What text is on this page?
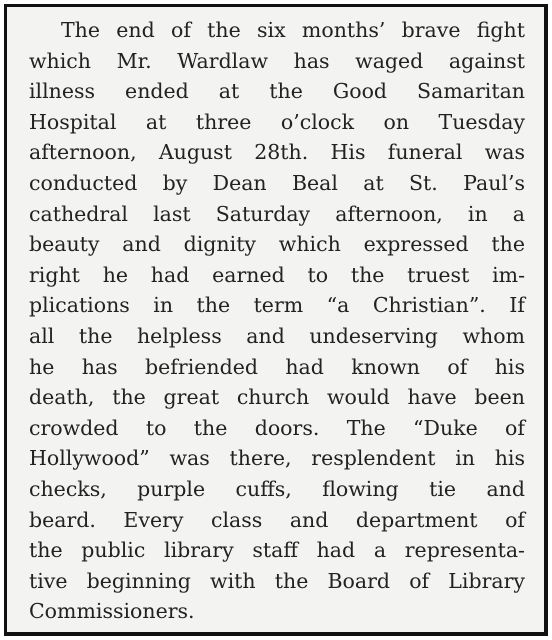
The end of the six months’ brave fight
which Mr. Wardlaw has waged against
illness ended at the Good Samaritan
Hospital at three o’clock on Tuesday
afternoon, August 28th. His funeral was
conducted by Dean Beal at St. Paul’s
cathedral last Saturday afternoon, in a
beauty and dignity which expressed the
right he had earned to the truest im-
plications in the term “a Christian”. If
all the helpless and undeserving whom
he has befriended had known of his
death, the great church would have been
crowded to the doors. The “Duke of
Hollywood” was there, resplendent in his
checks, purple cuffs, flowing tie and
beard. Every class and department of
the public library staff had a representa-
tive beginning with the Board of Library
Commissioners.
